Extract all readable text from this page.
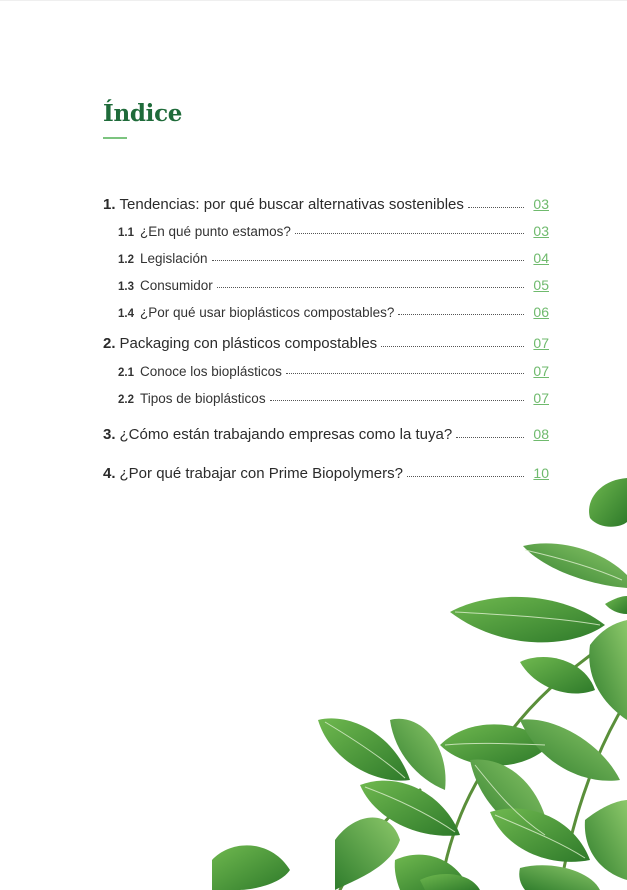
Índice
1. Tendencias: por qué buscar alternativas sostenibles	03
1.1 ¿En qué punto estamos?	03
1.2 Legislación	04
1.3 Consumidor	05
1.4 ¿Por qué usar bioplásticos compostables?	06
2. Packaging con plásticos compostables	07
2.1 Conoce los bioplásticos	07
2.2 Tipos de bioplásticos	07
3. ¿Cómo están trabajando empresas como la tuya?	08
4. ¿Por qué trabajar con Prime Biopolymers?	10
